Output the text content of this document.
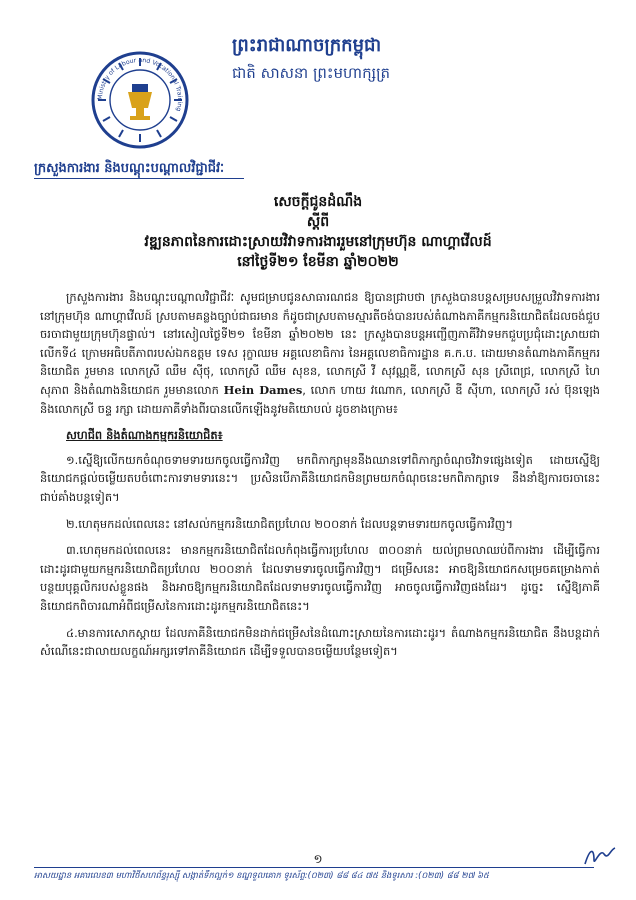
ព្រះរាជាណាចក្រកម្ពុជា
ជាតិ សាសនា ព្រះមហាក្សត្រ
Ministry of Labour and Vocational Training
ក្រសួងការងារ និងបណ្តុះបណ្តាលវិជ្ជាជីវៈ
សេចក្តីជូនដំណឹង
ស្តីពី
វឌ្ឍនភាពនៃការដោះស្រាយវិវាទការងាររួមនៅក្រុមហ៊ុន ណាហ្គាវើលដ៍
នៅថ្ងៃទី២១ ខែមីនា ឆ្នាំ២០២២

ក្រសួងការងារ និងបណ្តុះបណ្តាលវិជ្ជាជីវៈ សូមជម្រាបជូនសាធារណជន ឱ្យបានជ្រាបថា ក្រសួងបានបន្តសម្របសម្រួលវិវាទការងារនៅក្រុមហ៊ុន ណាហ្គាវើលដ៍ ស្របតាមគន្លងច្បាប់ជាធរមាន ក៏ដូចជាស្របតាមស្មារតីចង់បានរបស់តំណាងភាគីកម្មករនិយោជិតដែលចង់ជួបចរចាជាមួយក្រុមហ៊ុនផ្ទាល់។ នៅរសៀលថ្ងៃទី២១ ខែមីនា ឆ្នាំ២០២២ នេះ ក្រសួងបានបន្តអញ្ជើញភាគីវិវាទមកជួបប្រជុំដោះស្រាយជាលើកទី៤ ក្រោមអធិបតីភាពរបស់ឯកឧត្តម ទេស រុក្ខាឈម អគ្គលេខាធិការ នៃអគ្គលេខាធិការដ្ឋាន គ.ក.ប. ដោយមានតំណាងភាគីកម្មករនិយោជិត រួមមាន លោកស្រី ឈឹម ស៊ីថុ, លោកស្រី ឈឹម សុខន, លោកស្រី វី សុវណ្ណឌី, លោកស្រី សុន ស្រីពេជ្រ, លោកស្រី ហៃ សុភាព និងតំណាងនិយោជក រួមមានលោក Hein Dames, លោក ហាយ វណោក, លោកស្រី ឌី ស៊ីហា, លោកស្រី រស់ ប៊ុនឡេង និងលោកស្រី ចន្ទ រក្សា ដោយភាគីទាំងពីរបានលើកឡើងនូវមតិយោបល់ ដូចខាងក្រោម៖

សហជីព និងតំណាងកម្មករនិយោជិត៖

១.ស្នើឱ្យលើកយកចំណុចទាមទារយកចូលធ្វើការវិញ មកពិភាក្សាមុននឹងឈានទៅពិភាក្សាចំណុចវិវាទផ្សេងទៀត ដោយស្នើឱ្យនិយោជកផ្តល់ចម្លើយតបចំពោះការទាមទារនេះ។ ប្រសិនបើភាគីនិយោជកមិនព្រមយកចំណុចនេះមកពិភាក្សាទេ នឹងនាំឱ្យការចរចានេះ ជាប់គាំងបន្តទៀត។

២.ហេតុមកដល់ពេលនេះ នៅសល់កម្មករនិយោជិតប្រហែល ២០០នាក់ ដែលបន្តទាមទារយកចូលធ្វើការវិញ។

៣.ហេតុមកដល់ពេលនេះ មានកម្មករនិយោជិតដែលកំពុងធ្វើការប្រហែល ៣០០នាក់ យល់ព្រមលាឈប់ពីការងារ ដើម្បីធ្វើការដោះដូរជាមួយកម្មករនិយោជិតប្រហែល ២០០នាក់ ដែលទាមទារចូលធ្វើការវិញ។ ជម្រើសនេះ អាចឱ្យនិយោជកសម្រេចគម្រោងកាត់បន្ថយបុគ្គលិករបស់ខ្លួនផង និងអាចឱ្យកម្មករនិយោជិតដែលទាមទារចូលធ្វើការវិញ អាចចូលធ្វើការវិញផងដែរ។ ដូច្នេះ ស្នើឱ្យភាគីនិយោជកពិចារណាអំពីជម្រើសនៃការដោះដូរកម្មករនិយោជិតនេះ។

៤.មានការសោកស្តាយ ដែលភាគីនិយោជកមិនដាក់ជម្រើសនៃដំណោះស្រាយនៃការដោះដូរ។ តំណាងកម្មករនិយោជិត នឹងបន្តដាក់សំណើនេះជាលាយលក្ខណ៍អក្សរទៅភាគីនិយោជក ដើម្បីទទួលបានចម្លើយបន្ថែមទៀត។

១
អាសយដ្ឋាន អគារលេខ៣ មហាវិថីសហព័ន្ធរុស្ស៊ី សង្កាត់ទឹកល្អក់១ ខណ្ឌទួលគោក ទូរស័ព្ទ:(០២៣) ៨៨ ៨៤ ៧៥ និងទូរសារ :(០២៣) ៨៨ ២៧ ៦៥
